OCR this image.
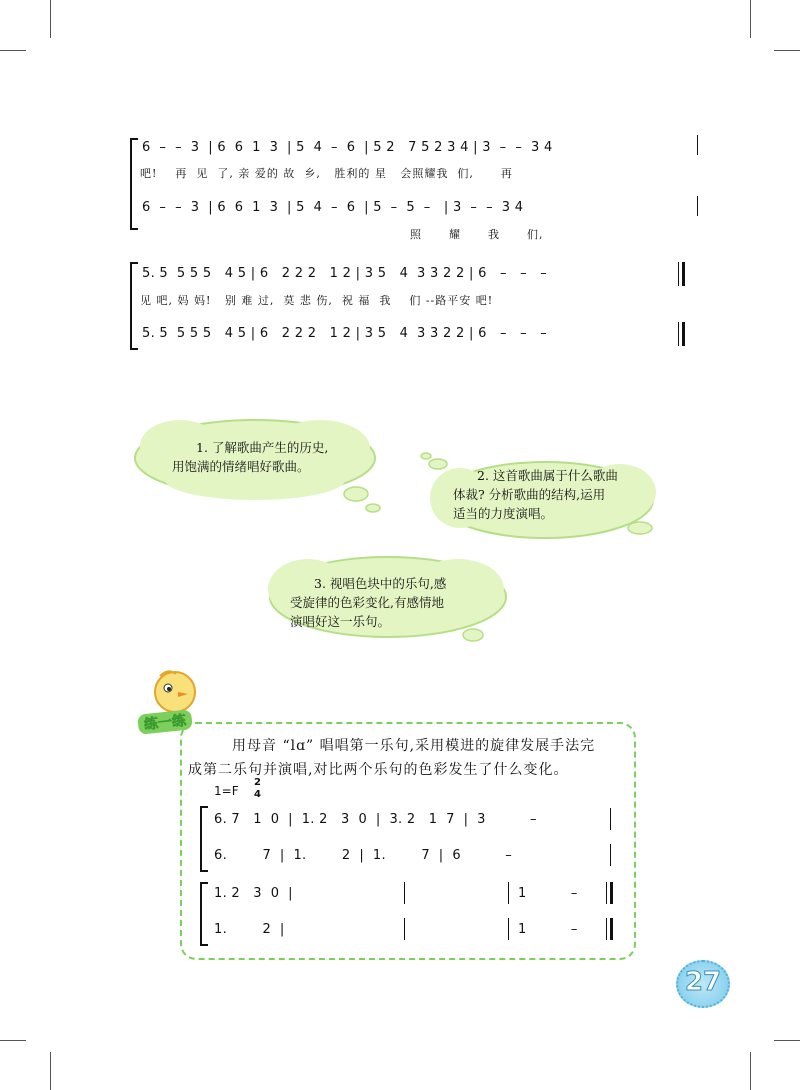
6  –  –  3  | 6  6  1  3  | 5  4  –  6  | 5 2   7 5 2 3 4 | 3  –  –  3 4
吧!    再  见  了, 亲 爱的 故  乡,   胜利的 星   会照耀我  们,      再
6  –  –  3  | 6  6  1  3  | 5  4  –  6  | 5  –  5  –   | 3  –  –  3 4
照      耀      我      们,
5. 5  5 5 5   4 5 | 6   2 2 2   1 2 | 3 5   4  3 3 2 2 | 6   –   –   –
见 吧, 妈 妈!   别 难 过,  莫 悲 伤,  祝 福  我    们 --路平安 吧!
5. 5  5 5 5   4 5 | 6   2 2 2   1 2 | 3 5   4  3 3 2 2 | 6   –   –   –
1. 了解歌曲产生的历史,
用饱满的情绪唱好歌曲。
2. 这首歌曲属于什么歌曲
体裁? 分析歌曲的结构,运用
适当的力度演唱。
3. 视唱色块中的乐句,感
受旋律的色彩变化,有感情地
演唱好这一乐句。
练一练
用母音 “lɑ” 唱唱第一乐句,采用模进的旋律发展手法完
成第二乐句并演唱,对比两个乐句的色彩发生了什么变化。
1=F
2
4
6. 7   1  0  |  1. 2   3  0  |  3. 2   1  7  |  3          –
6.        7  |  1.        2  |  1.        7  |  6          –
1. 2   3  0  |	1          –
1.        2  |	1          –
27
